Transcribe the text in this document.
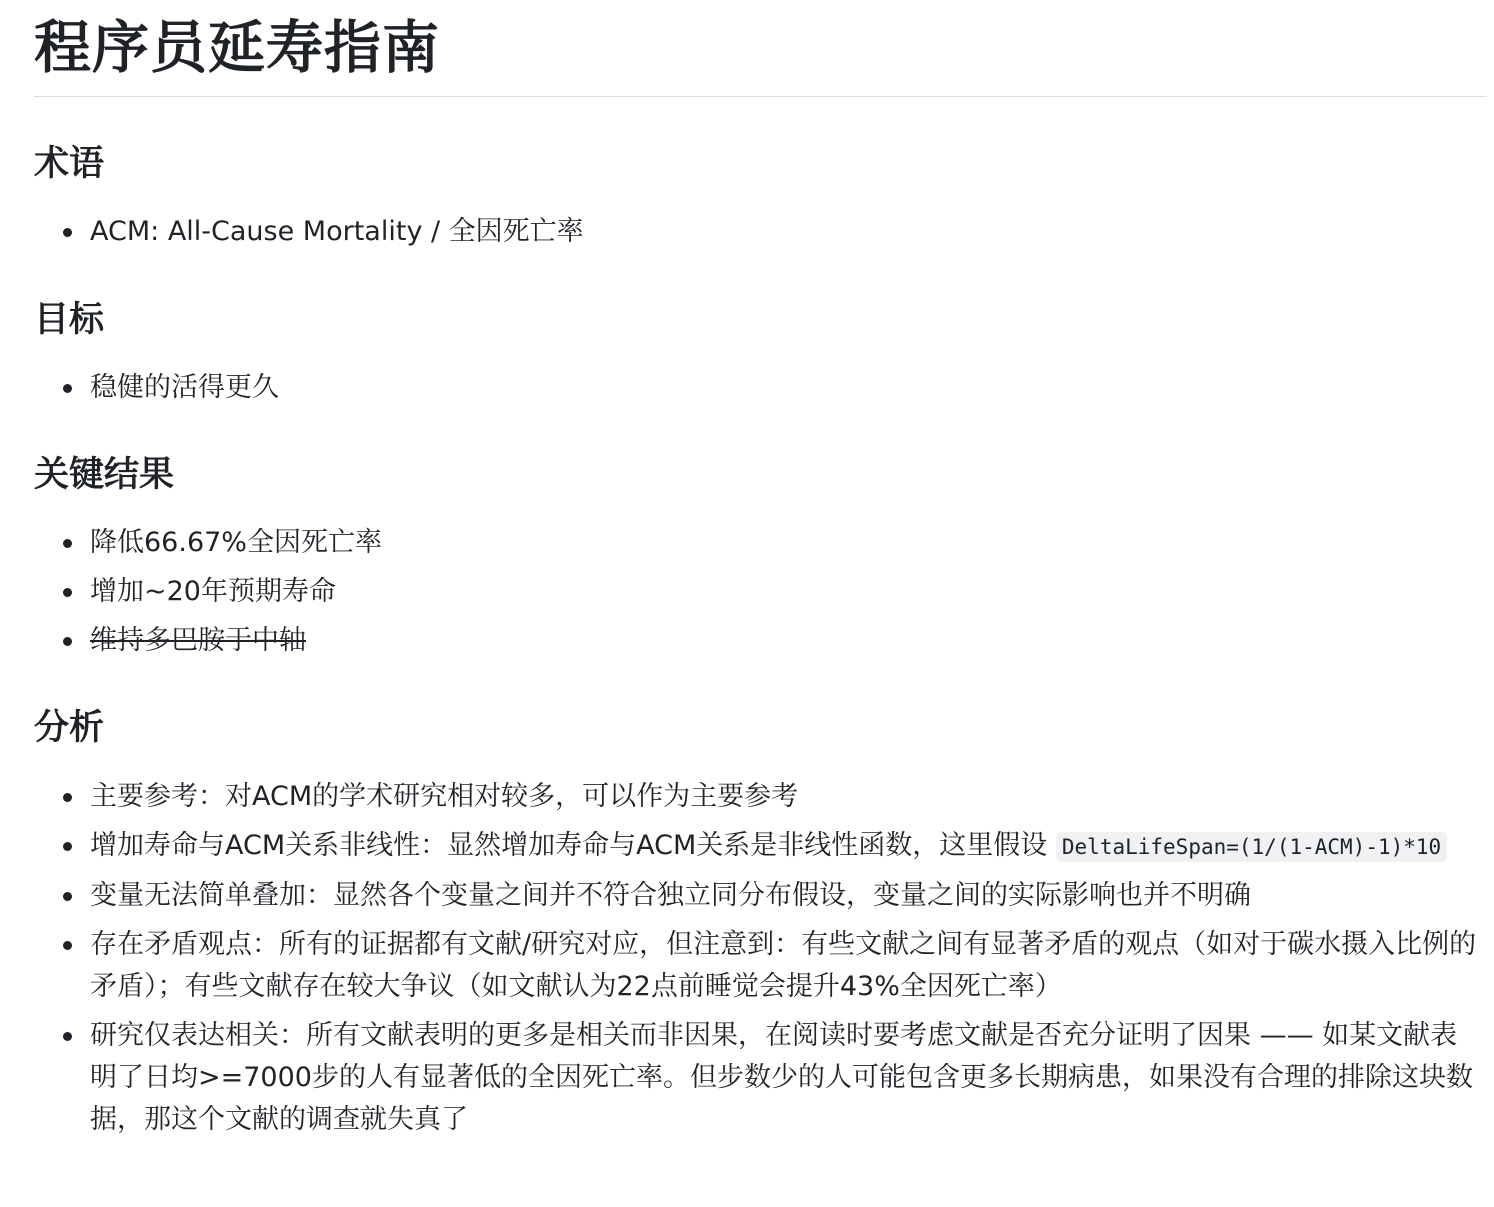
程序员延寿指南
术语
ACM: All-Cause Mortality / 全因死亡率
目标
稳健的活得更久
关键结果
降低66.67%全因死亡率
增加~20年预期寿命
维持多巴胺于中轴
分析
主要参考：对ACM的学术研究相对较多，可以作为主要参考
增加寿命与ACM关系非线性：显然增加寿命与ACM关系是非线性函数，这里假设 DeltaLifeSpan=(1/(1-ACM)-1)*10
变量无法简单叠加：显然各个变量之间并不符合独立同分布假设，变量之间的实际影响也并不明确
存在矛盾观点：所有的证据都有文献/研究对应，但注意到：有些文献之间有显著矛盾的观点（如对于碳水摄入比例的矛盾）；有些文献存在较大争议（如文献认为22点前睡觉会提升43%全因死亡率）
研究仅表达相关：所有文献表明的更多是相关而非因果，在阅读时要考虑文献是否充分证明了因果 —— 如某文献表明了日均>=7000步的人有显著低的全因死亡率。但步数少的人可能包含更多长期病患，如果没有合理的排除这块数据，那这个文献的调查就失真了
